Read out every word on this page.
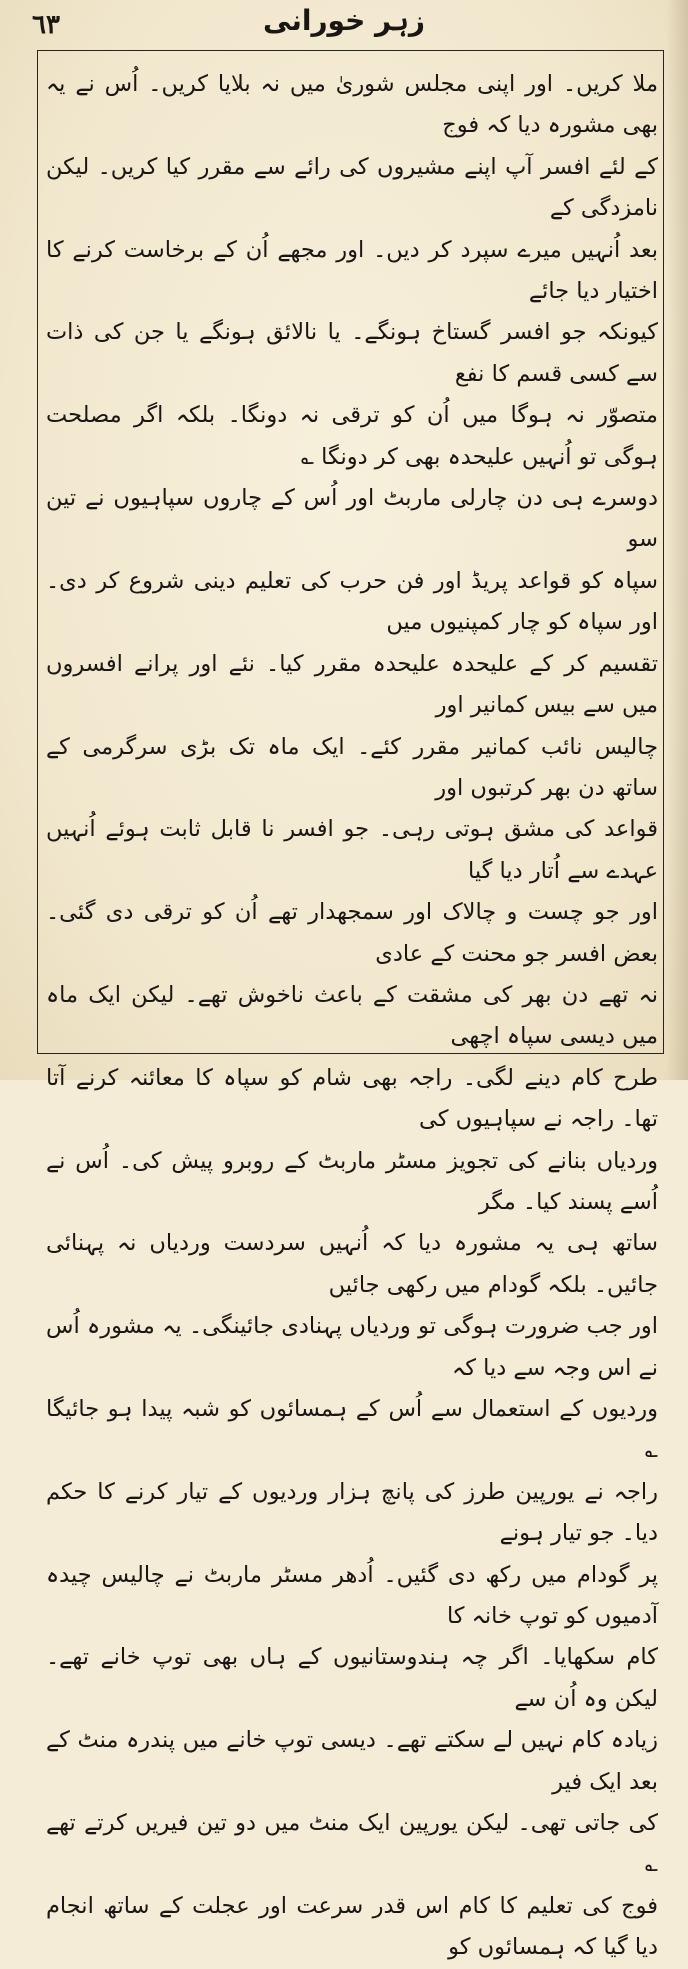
٦٣	زہر خورانی

ملا کریں۔ اور اپنی مجلس شوریٰ میں نہ بلایا کریں۔ اُس نے یہ بھی مشورہ دیا کہ فوج

کے لئے افسر آپ اپنے مشیروں کی رائے سے مقرر کیا کریں۔ لیکن نامزدگی کے

بعد اُنہیں میرے سپرد کر دیں۔ اور مجھے اُن کے برخاست کرنے کا اختیار دیا جائے

کیونکہ جو افسر گستاخ ہونگے۔ یا نالائق ہونگے یا جن کی ذات سے کسی قسم کا نفع

متصوّر نہ ہوگا میں اُن کو ترقی نہ دونگا۔ بلکہ اگر مصلحت ہوگی تو اُنہیں علیحدہ بھی کر دونگا ؎

دوسرے ہی دن چارلی ماربٹ اور اُس کے چاروں سپاہیوں نے تین سو

سپاہ کو قواعد پریڈ اور فن حرب کی تعلیم دینی شروع کر دی۔ اور سپاہ کو چار کمپنیوں میں

تقسیم کر کے علیحدہ علیحدہ مقرر کیا۔ نئے اور پرانے افسروں میں سے بیس کمانیر اور

چالیس نائب کمانیر مقرر کئے۔ ایک ماہ تک بڑی سرگرمی کے ساتھ دن بھر کرتبوں اور

قواعد کی مشق ہوتی رہی۔ جو افسر نا قابل ثابت ہوئے اُنہیں عہدے سے اُتار دیا گیا

اور جو چست و چالاک اور سمجھدار تھے اُن کو ترقی دی گئی۔ بعض افسر جو محنت کے عادی

نہ تھے دن بھر کی مشقت کے باعث ناخوش تھے۔ لیکن ایک ماہ میں دیسی سپاہ اچھی

طرح کام دینے لگی۔ راجہ بھی شام کو سپاہ کا معائنہ کرنے آتا تھا۔ راجہ نے سپاہیوں کی

وردیاں بنانے کی تجویز مسٹر ماربٹ کے روبرو پیش کی۔ اُس نے اُسے پسند کیا۔ مگر

ساتھ ہی یہ مشورہ دیا کہ اُنہیں سردست وردیاں نہ پہنائی جائیں۔ بلکہ گودام میں رکھی جائیں

اور جب ضرورت ہوگی تو وردیاں پہنادی جائینگی۔ یہ مشورہ اُس نے اس وجہ سے دیا کہ

وردیوں کے استعمال سے اُس کے ہمسائوں کو شبہ پیدا ہو جائیگا ؎

راجہ نے یورپین طرز کی پانچ ہزار وردیوں کے تیار کرنے کا حکم دیا۔ جو تیار ہونے

پر گودام میں رکھ دی گئیں۔ اُدھر مسٹر ماربٹ نے چالیس چیدہ آدمیوں کو توپ خانہ کا

کام سکھایا۔ اگر چہ ہندوستانیوں کے ہاں بھی توپ خانے تھے۔ لیکن وہ اُن سے

زیادہ کام نہیں لے سکتے تھے۔ دیسی توپ خانے میں پندرہ منٹ کے بعد ایک فیر

کی جاتی تھی۔ لیکن یورپین ایک منٹ میں دو تین فیریں کرتے تھے ؎

فوج کی تعلیم کا کام اس قدر سرعت اور عجلت کے ساتھ انجام دیا گیا کہ ہمسائوں کو
